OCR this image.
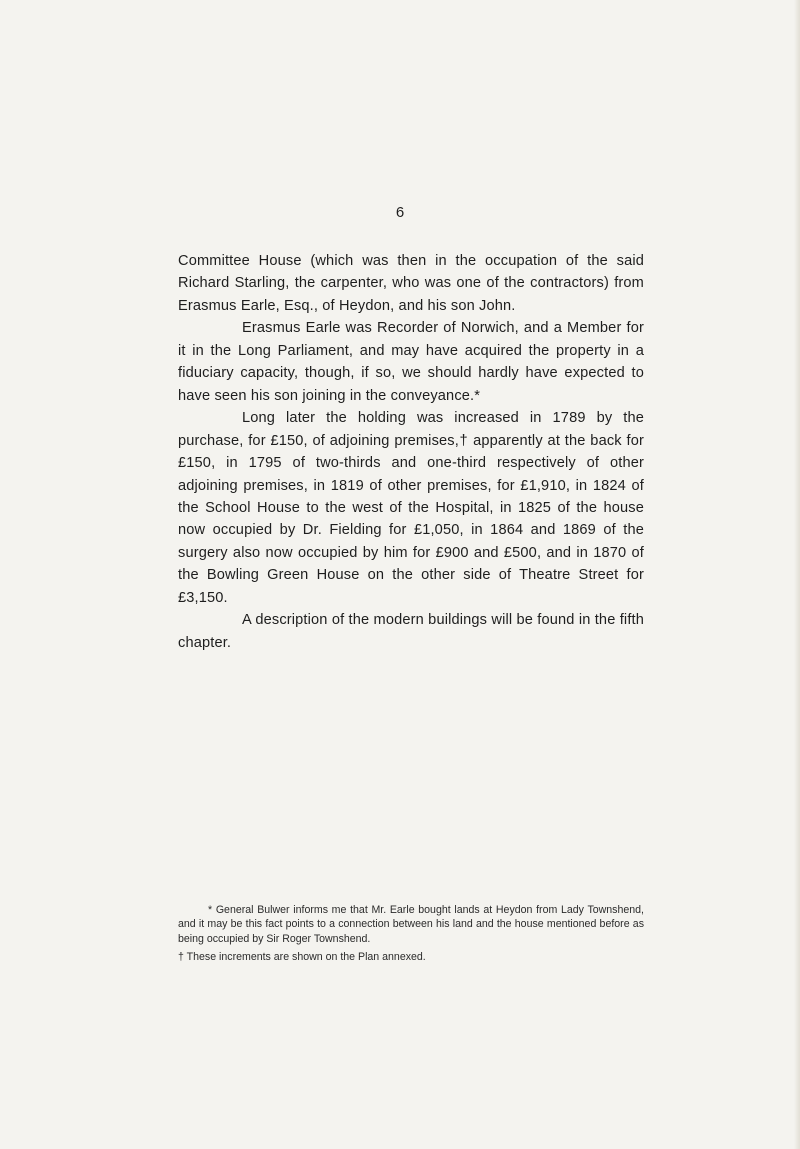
6

Committee House (which was then in the occupation of the said Richard Starling, the carpenter, who was one of the contractors) from Erasmus Earle, Esq., of Heydon, and his son John.

Erasmus Earle was Recorder of Norwich, and a Member for it in the Long Parliament, and may have acquired the property in a fiduciary capacity, though, if so, we should hardly have expected to have seen his son joining in the conveyance.*

Long later the holding was increased in 1789 by the purchase, for £150, of adjoining premises,† apparently at the back for £150, in 1795 of two-thirds and one-third respectively of other adjoining premises, in 1819 of other premises, for £1,910, in 1824 of the School House to the west of the Hospital, in 1825 of the house now occupied by Dr. Fielding for £1,050, in 1864 and 1869 of the surgery also now occupied by him for £900 and £500, and in 1870 of the Bowling Green House on the other side of Theatre Street for £3,150.

A description of the modern buildings will be found in the fifth chapter.

* General Bulwer informs me that Mr. Earle bought lands at Heydon from Lady Townshend, and it may be this fact points to a connection between his land and the house mentioned before as being occupied by Sir Roger Townshend.

† These increments are shown on the Plan annexed.
